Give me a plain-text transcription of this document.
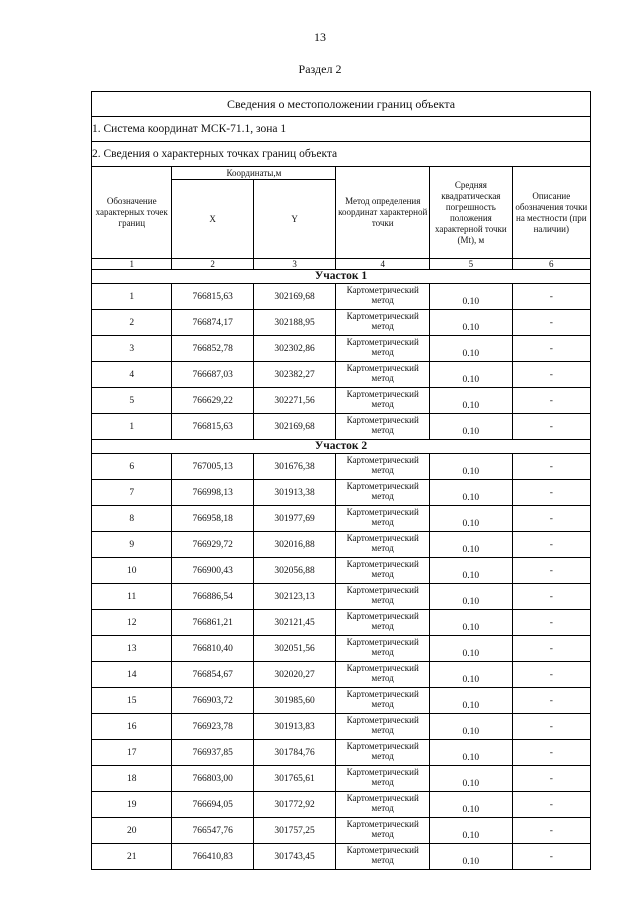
13
Раздел 2
Сведения о местоположении границ объекта					
1. Система координат МСК-71.1, зона 1					
2. Сведения о характерных точках границ объекта					
Обозначение характерных точек границ	Координаты,м		Метод определения координат характерной точки	Средняя квадратическая погрешность положения характерной точки (Mt), м	Описание обозначения точки на местности (при наличии)
	X	Y			
1	2	3	4	5	6
Участок 1					
1	766815,63	302169,68	Картометрический метод	0.10	-
2	766874,17	302188,95	Картометрический метод	0.10	-
3	766852,78	302302,86	Картометрический метод	0.10	-
4	766687,03	302382,27	Картометрический метод	0.10	-
5	766629,22	302271,56	Картометрический метод	0.10	-
1	766815,63	302169,68	Картометрический метод	0.10	-
Участок 2					
6	767005,13	301676,38	Картометрический метод	0.10	-
7	766998,13	301913,38	Картометрический метод	0.10	-
8	766958,18	301977,69	Картометрический метод	0.10	-
9	766929,72	302016,88	Картометрический метод	0.10	-
10	766900,43	302056,88	Картометрический метод	0.10	-
11	766886,54	302123,13	Картометрический метод	0.10	-
12	766861,21	302121,45	Картометрический метод	0.10	-
13	766810,40	302051,56	Картометрический метод	0.10	-
14	766854,67	302020,27	Картометрический метод	0.10	-
15	766903,72	301985,60	Картометрический метод	0.10	-
16	766923,78	301913,83	Картометрический метод	0.10	-
17	766937,85	301784,76	Картометрический метод	0.10	-
18	766803,00	301765,61	Картометрический метод	0.10	-
19	766694,05	301772,92	Картометрический метод	0.10	-
20	766547,76	301757,25	Картометрический метод	0.10	-
21	766410,83	301743,45	Картометрический метод	0.10	-
